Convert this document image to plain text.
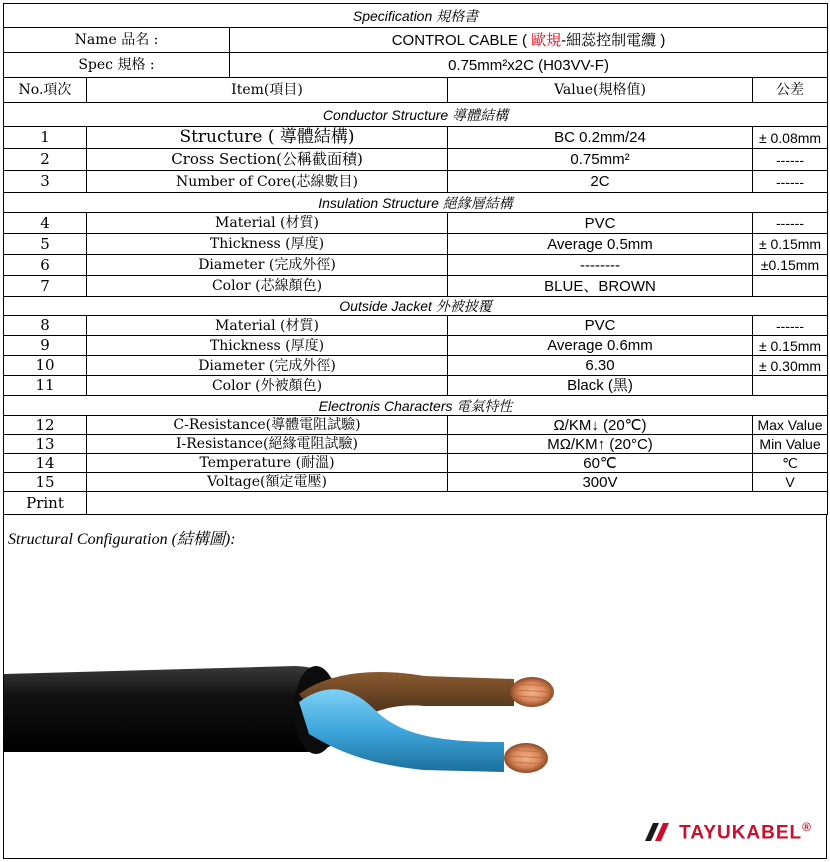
Specification 規格書				
Name 品名 :		CONTROL CABLE ( 歐規-細蕊控制電纜 )		
Spec 規格 :		0.75mm²x2C (H03VV-F)		
No.項次	Item(項目)		Value(規格值)	公差
Conductor Structure 導體結構				
1	Structure ( 導體結構)		BC 0.2mm/24	± 0.08mm
2	Cross Section(公稱截面積)		0.75mm²	------
3	Number of Core(芯線數目)		2C	------
Insulation Structure 絕緣層結構				
4	Material (材質)		PVC	------
5	Thickness (厚度)		Average 0.5mm	± 0.15mm
6	Diameter (完成外徑)		--------	±0.15mm
7	Color (芯線顏色)		BLUE、BROWN	
Outside Jacket 外被披覆				
8	Material (材質)		PVC	------
9	Thickness (厚度)		Average 0.6mm	± 0.15mm
10	Diameter (完成外徑)		6.30	± 0.30mm
11	Color (外被顏色)		Black (黑)	
Electronis Characters 電氣特性				
12	C-Resistance(導體電阻試驗)		Ω/KM↓ (20℃)	Max Value
13	I-Resistance(絕緣電阻試驗)		MΩ/KM↑ (20°C)	Min Value
14	Temperature (耐溫)		60℃	℃
15	Voltage(額定電壓)		300V	V
Print				
Structural Configuration (結構圖):
TAYUKABEL®
